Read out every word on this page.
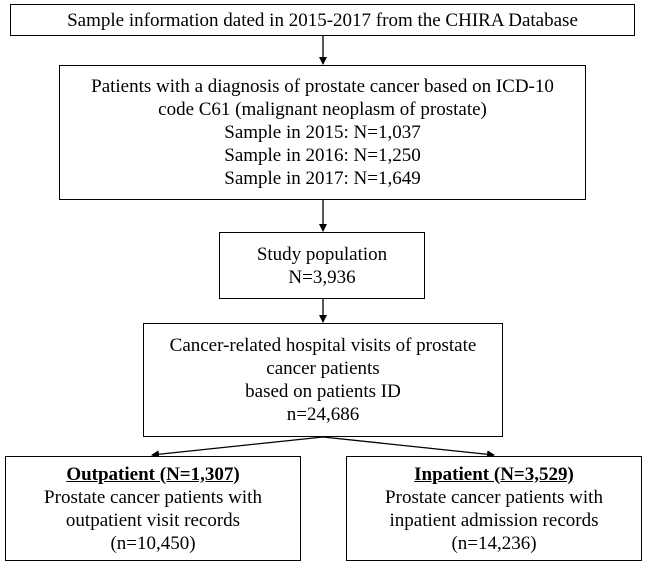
Sample information dated in 2015-2017 from the CHIRA Database
Patients with a diagnosis of prostate cancer based on ICD-10
code C61 (malignant neoplasm of prostate)
Sample in 2015: N=1,037
Sample in 2016: N=1,250
Sample in 2017: N=1,649
Study population
N=3,936
Cancer-related hospital visits of prostate
cancer patients
based on patients ID
n=24,686
Outpatient (N=1,307)
Prostate cancer patients with
outpatient visit records
(n=10,450)
Inpatient (N=3,529)
Prostate cancer patients with
inpatient admission records
(n=14,236)
